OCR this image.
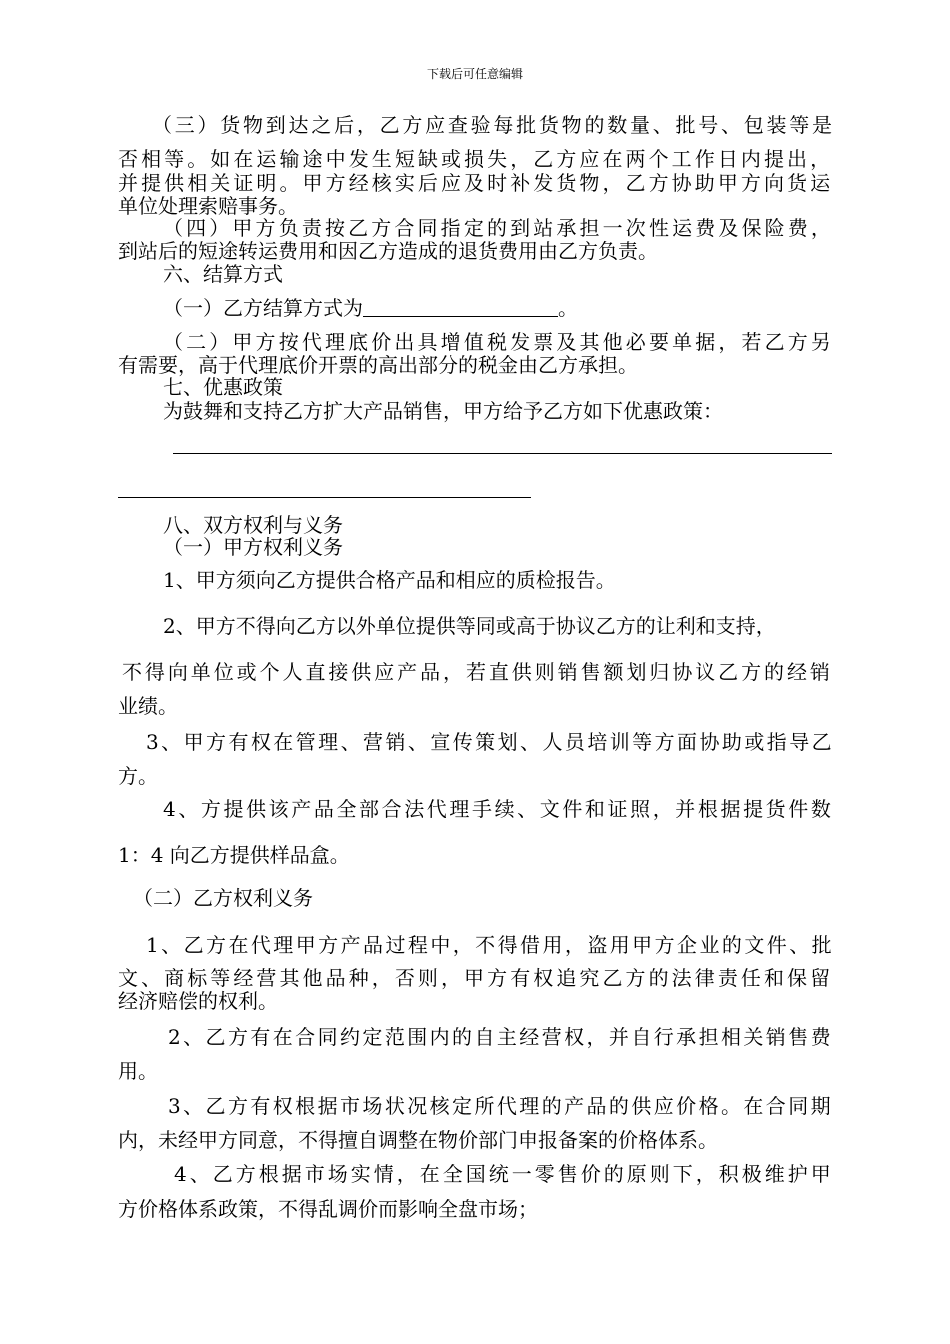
下载后可任意编辑
（三）货物到达之后，乙方应查验每批货物的数量、批号、包装等是
否相等。如在运输途中发生短缺或损失，乙方应在两个工作日内提出，
并提供相关证明。甲方经核实后应及时补发货物，乙方协助甲方向货运
单位处理索赔事务。
（四）甲方负责按乙方合同指定的到站承担一次性运费及保险费，
到站后的短途转运费用和因乙方造成的退货费用由乙方负责。
六、结算方式
（一）乙方结算方式为	。
（二）甲方按代理底价出具增值税发票及其他必要单据，若乙方另
有需要，高于代理底价开票的高出部分的税金由乙方承担。
七、优惠政策
为鼓舞和支持乙方扩大产品销售，甲方给予乙方如下优惠政策：
八、双方权利与义务
（一）甲方权利义务
1、甲方须向乙方提供合格产品和相应的质检报告。
2、甲方不得向乙方以外单位提供等同或高于协议乙方的让利和支持，
不得向单位或个人直接供应产品，若直供则销售额划归协议乙方的经销
业绩。
3、甲方有权在管理、营销、宣传策划、人员培训等方面协助或指导乙
方。
4、方提供该产品全部合法代理手续、文件和证照，并根据提货件数
1：4 向乙方提供样品盒。
（二）乙方权利义务
1、乙方在代理甲方产品过程中，不得借用，盗用甲方企业的文件、批
文、商标等经营其他品种，否则，甲方有权追究乙方的法律责任和保留
经济赔偿的权利。
2、乙方有在合同约定范围内的自主经营权，并自行承担相关销售费
用。
3、乙方有权根据市场状况核定所代理的产品的供应价格。在合同期
内，未经甲方同意，不得擅自调整在物价部门申报备案的价格体系。
4、乙方根据市场实情，在全国统一零售价的原则下，积极维护甲
方价格体系政策，不得乱调价而影响全盘市场；
